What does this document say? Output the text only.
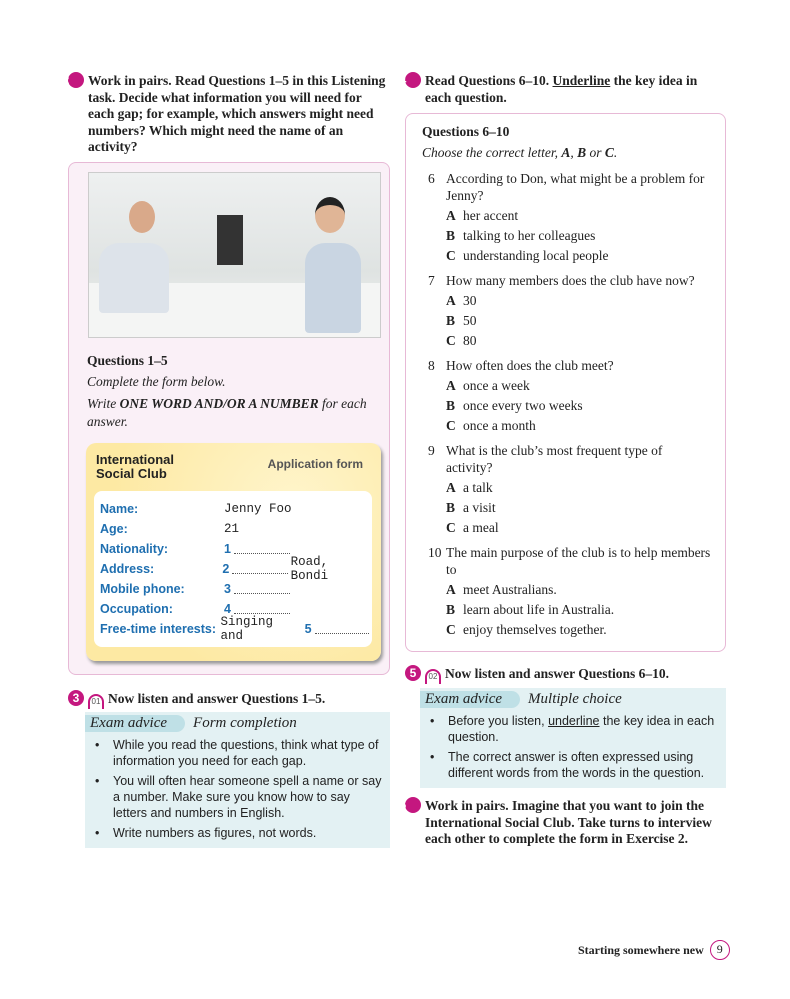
2 Work in pairs. Read Questions 1–5 in this Listening task. Decide what information you will need for each gap; for example, which answers might need numbers? Which might need the name of an activity?
Questions 1–5
Complete the form below.
Write ONE WORD AND/OR A NUMBER for each answer.
International Social Club
Application form
Name:	Jenny Foo
Age:	21
Nationality:	1
Address:	2	Road, Bondi
Mobile phone:	3
Occupation:	4
Free-time interests: Singing and	5
3 01 Now listen and answer Questions 1–5.
Exam advice	Form completion
• While you read the questions, think what type of information you need for each gap.
• You will often hear someone spell a name or say a number. Make sure you know how to say letters and numbers in English.
• Write numbers as figures, not words.
4 Read Questions 6–10. Underline the key idea in each question.
Questions 6–10
Choose the correct letter, A, B or C.
6 According to Don, what might be a problem for Jenny?
A her accent
B talking to her colleagues
C understanding local people
7 How many members does the club have now?
A 30
B 50
C 80
8 How often does the club meet?
A once a week
B once every two weeks
C once a month
9 What is the club’s most frequent type of activity?
A a talk
B a visit
C a meal
10 The main purpose of the club is to help members to
A meet Australians.
B learn about life in Australia.
C enjoy themselves together.
5 02 Now listen and answer Questions 6–10.
Exam advice	Multiple choice
• Before you listen, underline the key idea in each question.
• The correct answer is often expressed using different words from the words in the question.
6 Work in pairs. Imagine that you want to join the International Social Club. Take turns to interview each other to complete the form in Exercise 2.
Starting somewhere new	9
